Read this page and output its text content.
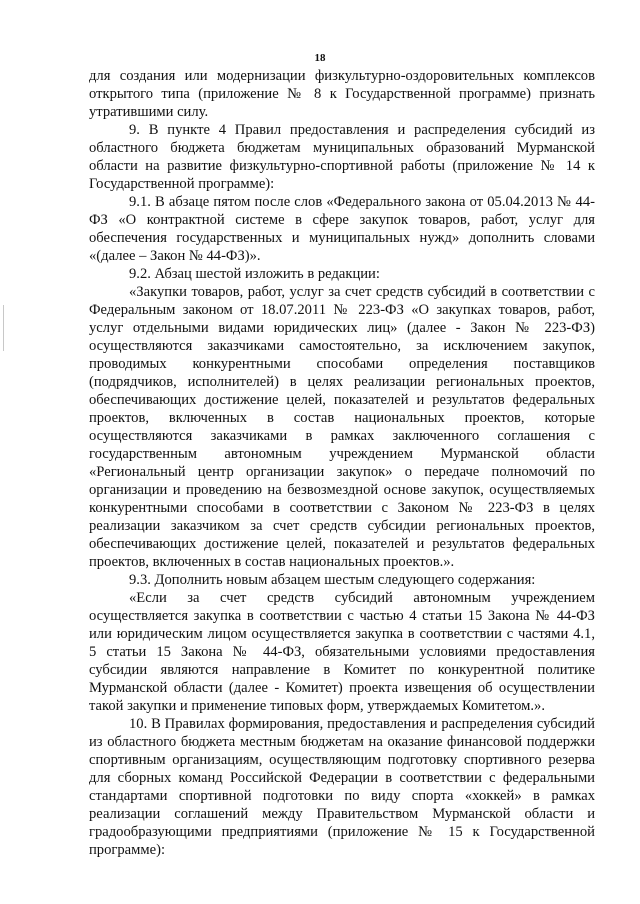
18

для создания или модернизации физкультурно-оздоровительных комплексов открытого типа (приложение № 8 к Государственной программе) признать утратившими силу.

9. В пункте 4 Правил предоставления и распределения субсидий из областного бюджета бюджетам муниципальных образований Мурманской области на развитие физкультурно-спортивной работы (приложение № 14 к Государственной программе):

9.1. В абзаце пятом после слов «Федерального закона от 05.04.2013 № 44-ФЗ «О контрактной системе в сфере закупок товаров, работ, услуг для обеспечения государственных и муниципальных нужд» дополнить словами «(далее – Закон № 44-ФЗ)».

9.2. Абзац шестой изложить в редакции:

«Закупки товаров, работ, услуг за счет средств субсидий в соответствии с Федеральным законом от 18.07.2011 № 223-ФЗ «О закупках товаров, работ, услуг отдельными видами юридических лиц» (далее - Закон № 223-ФЗ) осуществляются заказчиками самостоятельно, за исключением закупок, проводимых конкурентными способами определения поставщиков (подрядчиков, исполнителей) в целях реализации региональных проектов, обеспечивающих достижение целей, показателей и результатов федеральных проектов, включенных в состав национальных проектов, которые осуществляются заказчиками в рамках заключенного соглашения с государственным автономным учреждением Мурманской области «Региональный центр организации закупок» о передаче полномочий по организации и проведению на безвозмездной основе закупок, осуществляемых конкурентными способами в соответствии с Законом № 223-ФЗ в целях реализации заказчиком за счет средств субсидии региональных проектов, обеспечивающих достижение целей, показателей и результатов федеральных проектов, включенных в состав национальных проектов.».

9.3. Дополнить новым абзацем шестым следующего содержания:

«Если за счет средств субсидий автономным учреждением осуществляется закупка в соответствии с частью 4 статьи 15 Закона № 44-ФЗ или юридическим лицом осуществляется закупка в соответствии с частями 4.1, 5 статьи 15 Закона № 44-ФЗ, обязательными условиями предоставления субсидии являются направление в Комитет по конкурентной политике Мурманской области (далее - Комитет) проекта извещения об осуществлении такой закупки и применение типовых форм, утверждаемых Комитетом.».

10. В Правилах формирования, предоставления и распределения субсидий из областного бюджета местным бюджетам на оказание финансовой поддержки спортивным организациям, осуществляющим подготовку спортивного резерва для сборных команд Российской Федерации в соответствии с федеральными стандартами спортивной подготовки по виду спорта «хоккей» в рамках реализации соглашений между Правительством Мурманской области и градообразующими предприятиями (приложение № 15 к Государственной программе):
